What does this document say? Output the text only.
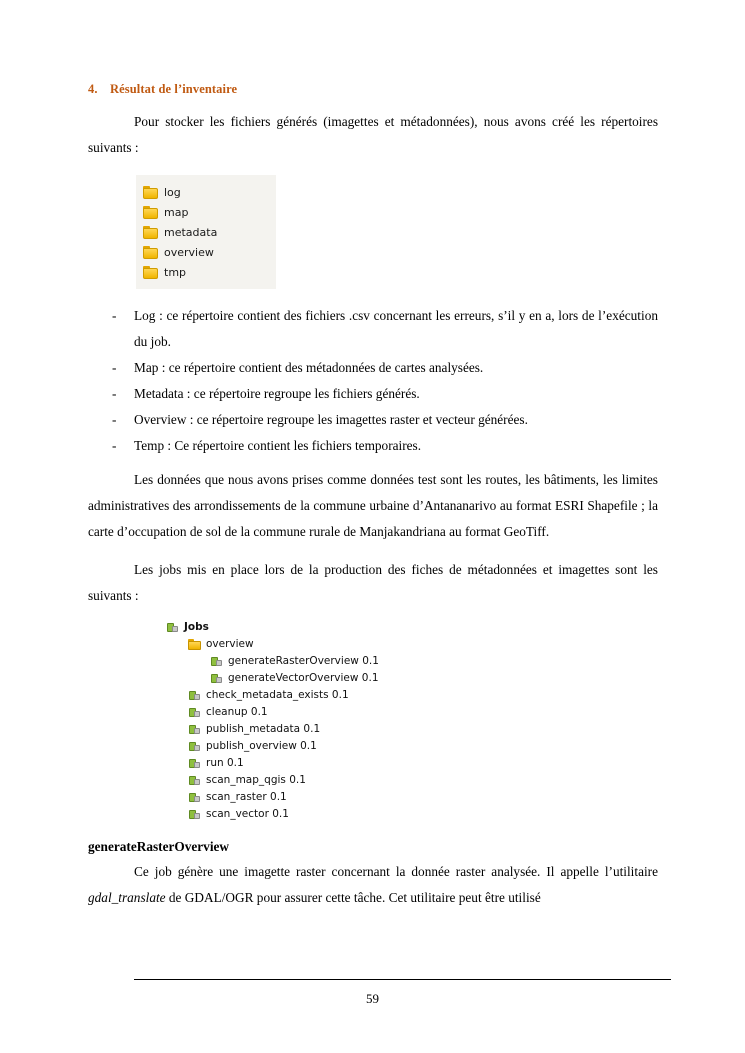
4. Résultat de l’inventaire

Pour stocker les fichiers générés (imagettes et métadonnées), nous avons créé les répertoires suivants :

log
map
metadata
overview
tmp
- Log : ce répertoire contient des fichiers .csv concernant les erreurs, s’il y en a, lors de l’exécution du job.
- Map : ce répertoire contient des métadonnées de cartes analysées.
- Metadata : ce répertoire regroupe les fichiers générés.
- Overview : ce répertoire regroupe les imagettes raster et vecteur générées.
- Temp : Ce répertoire contient les fichiers temporaires.

Les données que nous avons prises comme données test sont les routes, les bâtiments, les limites administratives des arrondissements de la commune urbaine d’Antananarivo au format ESRI Shapefile ; la carte d’occupation de sol de la commune rurale de Manjakandriana au format GeoTiff.

Les jobs mis en place lors de la production des fiches de métadonnées et imagettes sont les suivants :

Jobs
overview
generateRasterOverview 0.1
generateVectorOverview 0.1
check_metadata_exists 0.1
cleanup 0.1
publish_metadata 0.1
publish_overview 0.1
run 0.1
scan_map_qgis 0.1
scan_raster 0.1
scan_vector 0.1
generateRasterOverview

Ce job génère une imagette raster concernant la donnée raster analysée. Il appelle l’utilitaire gdal_translate de GDAL/OGR pour assurer cette tâche. Cet utilitaire peut être utilisé

59
